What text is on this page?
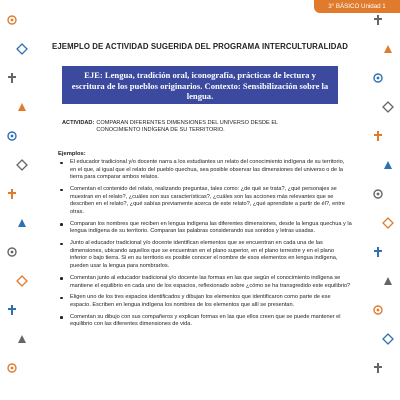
3° BÁSICO Unidad 1
EJEMPLO DE ACTIVIDAD SUGERIDA DEL PROGRAMA INTERCULTURALIDAD
EJE: Lengua, tradición oral, iconografía, prácticas de lectura y escritura de los pueblos originarios. Contexto: Sensibilización sobre la lengua.
ACTIVIDAD: COMPARAN DIFERENTES DIMENSIONES DEL UNIVERSO DESDE EL CONOCIMIENTO INDÍGENA DE SU TERRITORIO.
Ejemplos:
El educador tradicional y/o docente narra a los estudiantes un relato del conocimiento indígena de su territorio, en el que, al igual que el relato del pueblo quechua, sea posible observar las dimensiones del universo o de la tierra para comparar ambos relatos.
Comentan el contenido del relato, realizando preguntas, tales como: ¿de qué se trata?, ¿qué personajes se muestran en el relato?, ¿cuáles son sus características?, ¿cuáles son las acciones más relevantes que se describen en el relato?, ¿qué sabías previamente acerca de este relato?, ¿qué aprendiste a partir de él?, entre otras.
Comparan los nombres que reciben en lengua indígena las diferentes dimensiones, desde la lengua quechua y la lengua indígena de su territorio. Comparan las palabras considerando sus sonidos y letras usadas.
Junto al educador tradicional y/o docente identifican elementos que se encuentran en cada una de las dimensiones, ubicando aquellos que se encuentran en el plano superior, en el plano terrestre y en el plano inferior o bajo tierra. Si en su territorio es posible conocer el nombre de esos elementos en lengua indígena, pueden usar la lengua para nombrarlos.
Comentan junto al educador tradicional y/o docente las formas en las que según el conocimiento indígena se mantiene el equilibrio en cada uno de los espacios, reflexionado sobre ¿cómo se ha transgredido este equilibrio?
Eligen uno de los tres espacios identificados y dibujan los elementos que identificaron como parte de ese espacio. Escriben en lengua indígena los nombres de los elementos que allí se presentan.
Comentan su dibujo con sus compañeros y explican formas en las que ellos creen que se puede mantener el equilibrio con las diferentes dimensiones de vida.
